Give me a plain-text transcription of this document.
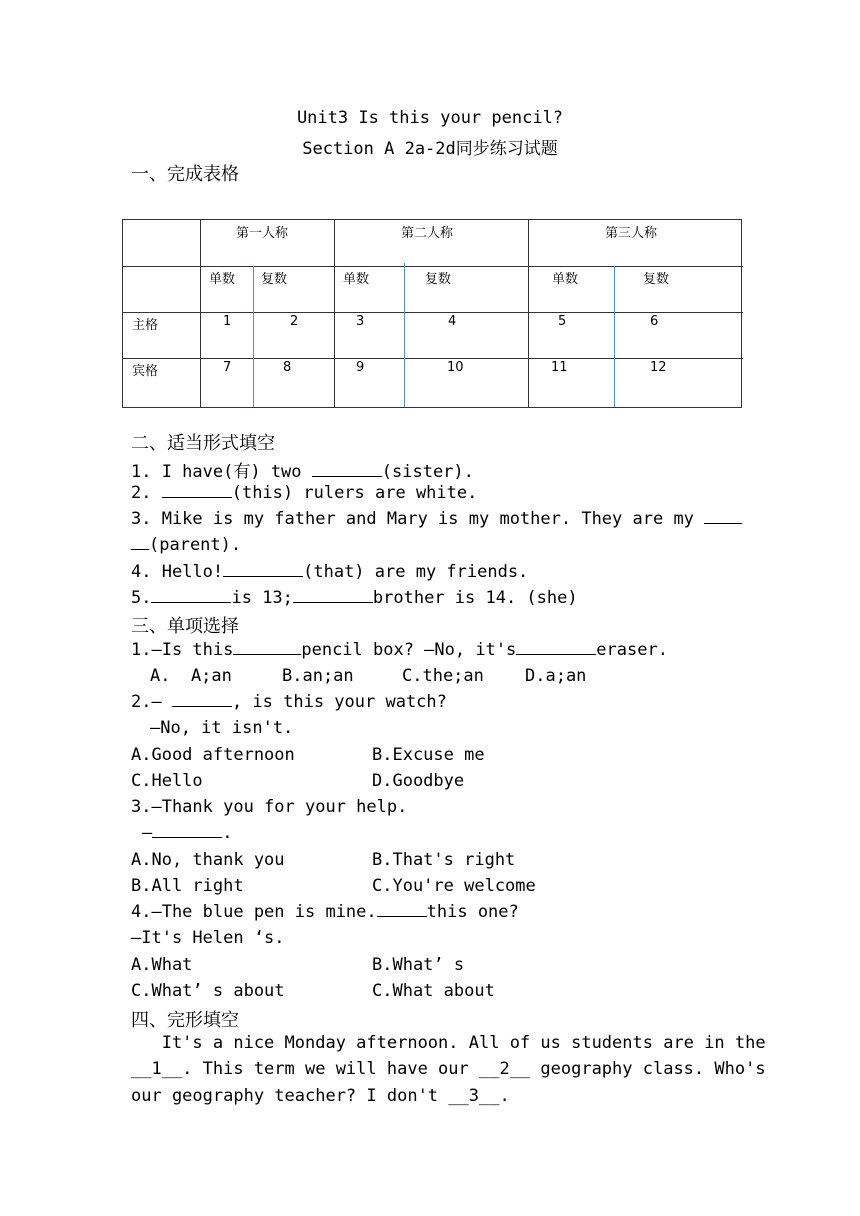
Unit3 Is this your pencil?
Section A 2a-2d同步练习试题
一、完成表格
第一人称	第二人称	第三人称
单数 复数	单数	复数	单数	复数
主格	1	2	3	4	5	6
宾格	7	8	9	10	11	12
二、适当形式填空
1. I have(有) two	(sister).
2.	(this) rulers are white.
3. Mike is my father and Mary is my mother. They are my
(parent).
4. Hello!	(that) are my friends.
5.	is 13;	brother is 14. (she)
三、单项选择
1.—Is this	pencil box? —No, it's	eraser.
A.  A;an	B.an;an	C.the;an D.a;an
2.—	, is this your watch?
—No, it isn't.
A.Good afternoon	B.Excuse me
C.Hello	D.Goodbye
3.—Thank you for your help.
—	.
A.No, thank you	B.That's right
B.All right	C.You're welcome
4.—The blue pen is mine.	this one?
—It's Helen ‘s.
A.What	B.What’ s
C.What’ s about	C.What about
四、完形填空
It's a nice Monday afternoon. All of us students are in the
__1__. This term we will have our __2__ geography class. Who's
our geography teacher? I don't __3__.
